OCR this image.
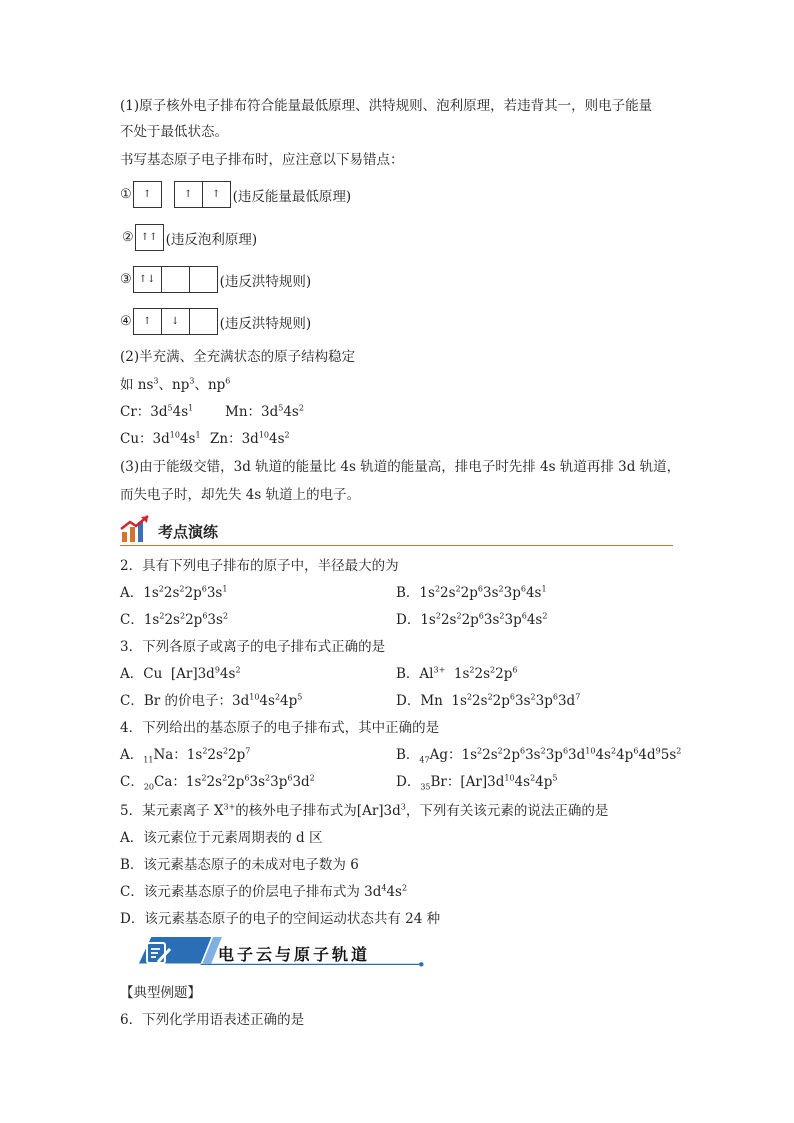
(1)原子核外电子排布符合能量最低原理、洪特规则、泡利原理，若违背其一，则电子能量
不处于最低状态。
书写基态原子电子排布时，应注意以下易错点：
①	↑	↑	↑ (违反能量最低原理)
② ↑↑ (违反泡利原理)
③ ↑↓	(违反洪特规则)
④	↑	↓	(违反洪特规则)
(2)半充满、全充满状态的原子结构稳定
如 $ns^3$、$np^3$、$np^6$
Cr：$3d^54s^1$ Mn：$3d^54s^2$
Cu：$3d^{10}4s^1$ Zn：$3d^{10}4s^2$
(3)由于能级交错，3d 轨道的能量比 4s 轨道的能量高，排电子时先排 4s 轨道再排 3d 轨道，
而失电子时，却先失 4s 轨道上的电子。
考点演练
2．具有下列电子排布的原子中，半径最大的为
A．$1s^22s^22p^63s^1$	B．$1s^22s^22p^63s^23p^64s^1$
C．$1s^22s^22p^63s^2$	D．$1s^22s^22p^63s^23p^64s^2$
3．下列各原子或离子的电子排布式正确的是
A．Cu  $[Ar]3d^94s^2$	B．$Al^{3+}$  $1s^22s^22p^6$
C．Br 的价电子：$3d^{10}4s^24p^5$	D．Mn  $1s^22s^22p^63s^23p^63d^7$
4．下列给出的基态原子的电子排布式，其中正确的是
A．$_{11}$Na：$1s^22s^22p^7$	B．$_{47}$Ag：$1s^22s^22p^63s^23p^63d^{10}4s^24p^64d^95s^2$
C．$_{20}$Ca：$1s^22s^22p^63s^23p^63d^2$	D．$_{35}$Br：$[Ar]3d^{10}4s^24p^5$
5．某元素离子 $X^{3+}$的核外电子排布式为$[Ar]3d^3$，下列有关该元素的说法正确的是
A．该元素位于元素周期表的 d 区
B．该元素基态原子的未成对电子数为 6
C．该元素基态原子的价层电子排布式为 $3d^44s^2$
D．该元素基态原子的电子的空间运动状态共有 24 种
电子云与原子轨道
【典型例题】
6．下列化学用语表述正确的是
